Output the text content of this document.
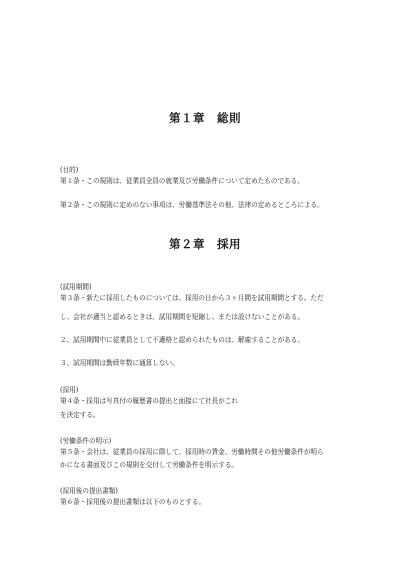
第１章　総則
(目的)
第１条・この規則は、従業員全員の就業及び労働条件について定めたものである。
第２条・この規則に定めのない事項は、労働基準法その他、法律の定めるところによる。
第２章　採用
(試用期間)
第３条・新たに採用したものについては、採用の日から３ヶ月間を試用期間とする。ただ
し、会社が適当と認めるときは、試用期間を短縮し、または設けないことがある。
２、試用期間中に従業員として不適格と認められたものは、解雇することがある。
３、試用期間は勤続年数に通算しない。
(採用)
第４条・採用は写真付の履歴書の提出と面接にて社長がこれ
を決定する。
(労働条件の明示)
第５条・会社は、従業員の採用に際して、採用時の賃金、労働時間その他労働条件が明ら
かになる書面及びこの規則を交付して労働条件を明示する。
(採用後の提出書類)
第６条・採用後の提出書類は以下のものとする。
